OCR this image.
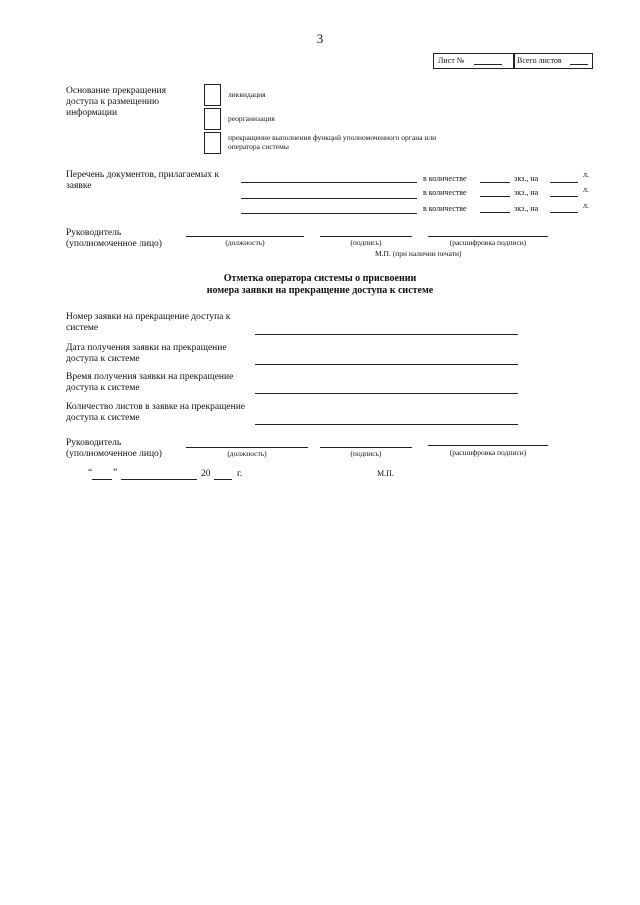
3
Лист №	Всего листов
Основание прекращения доступа к размещению информации
ликвидация
реорганизация
прекращение выполнения функций уполномоченного органа или оператора системы
Перечень документов, прилагаемых к заявке
в количестве	экз., на	л.
в количестве	экз., на	л.
в количестве	экз., на	л.
Руководитель (уполномоченное лицо)	(должность)	(подпись)	(расшифровка подписи)
М.П. (при наличии печати)
Отметка оператора системы о присвоении
номера заявки на прекращение доступа к системе
Номер заявки на прекращение доступа к системе
Дата получения заявки на прекращение доступа к системе
Время получения заявки на прекращение доступа к системе
Количество листов в заявке на прекращение доступа к системе
Руководитель (уполномоченное лицо)	(должность)	(подпись)	(расшифровка подписи)
“ ”	20	г.	М.П.
